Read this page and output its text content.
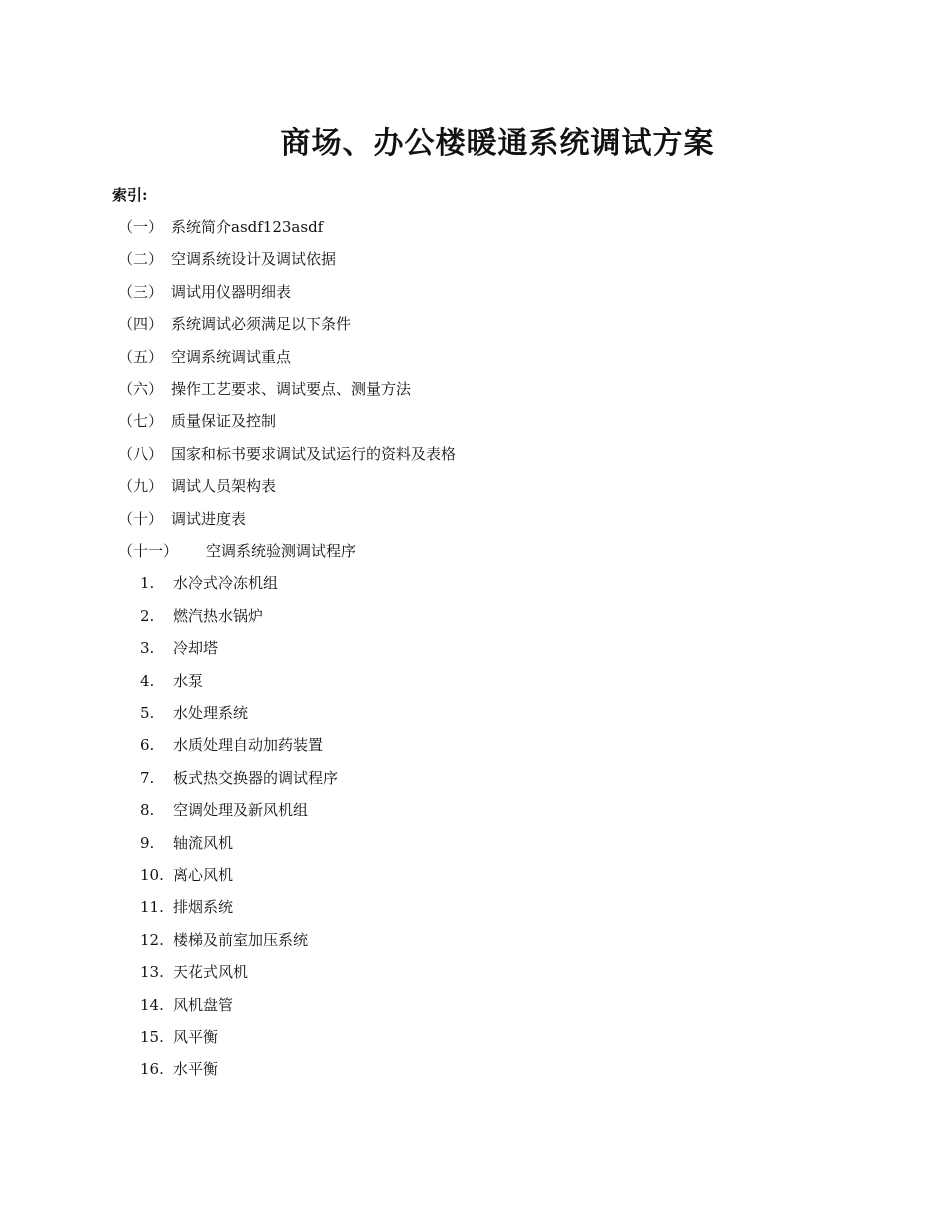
商场、办公楼暖通系统调试方案
索引:
（一） 系统简介asdf123asdf
（二） 空调系统设计及调试依据
（三） 调试用仪器明细表
（四） 系统调试必须满足以下条件
（五） 空调系统调试重点
（六） 操作工艺要求、调试要点、测量方法
（七） 质量保证及控制
（八） 国家和标书要求调试及试运行的资料及表格
（九） 调试人员架构表
（十） 调试进度表
（十一） 空调系统验测调试程序
1. 水冷式冷冻机组
2. 燃汽热水锅炉
3. 冷却塔
4. 水泵
5. 水处理系统
6. 水质处理自动加药装置
7. 板式热交换器的调试程序
8. 空调处理及新风机组
9. 轴流风机
10. 离心风机
11. 排烟系统
12. 楼梯及前室加压系统
13. 天花式风机
14. 风机盘管
15. 风平衡
16. 水平衡
